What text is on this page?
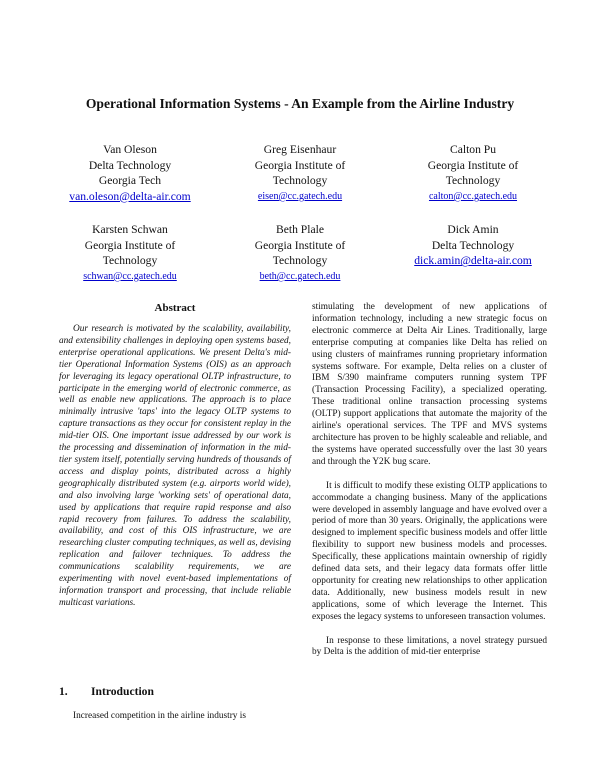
Operational Information Systems - An Example from the Airline Industry
Van Oleson
Delta Technology
Georgia Tech
van.oleson@delta-air.com
Greg Eisenhaur
Georgia Institute of
Technology
eisen@cc.gatech.edu
Calton Pu
Georgia Institute of
Technology
calton@cc.gatech.edu
Karsten Schwan
Georgia Institute of
Technology
schwan@cc.gatech.edu
Beth Plale
Georgia Institute of
Technology
beth@cc.gatech.edu
Dick Amin
Delta Technology
dick.amin@delta-air.com
Abstract
Our research is motivated by the scalability, availability, and extensibility challenges in deploying open systems based, enterprise operational applications. We present Delta's mid-tier Operational Information Systems (OIS) as an approach for leveraging its legacy operational OLTP infrastructure, to participate in the emerging world of electronic commerce, as well as enable new applications. The approach is to place minimally intrusive 'taps' into the legacy OLTP systems to capture transactions as they occur for consistent replay in the mid-tier OIS. One important issue addressed by our work is the processing and dissemination of information in the mid-tier system itself, potentially serving hundreds of thousands of access and display points, distributed across a highly geographically distributed system (e.g. airports world wide), and also involving large 'working sets' of operational data, used by applications that require rapid response and also rapid recovery from failures. To address the scalability, availability, and cost of this OIS infrastructure, we are researching cluster computing techniques, as well as, devising replication and failover techniques. To address the communications scalability requirements, we are experimenting with novel event-based implementations of information transport and processing, that include reliable multicast variations.
1. Introduction
Increased competition in the airline industry is

stimulating the development of new applications of information technology, including a new strategic focus on electronic commerce at Delta Air Lines. Traditionally, large enterprise computing at companies like Delta has relied on using clusters of mainframes running proprietary information systems software. For example, Delta relies on a cluster of IBM S/390 mainframe computers running system TPF (Transaction Processing Facility), a specialized operating. These traditional online transaction processing systems (OLTP) support applications that automate the majority of the airline's operational services. The TPF and MVS systems architecture has proven to be highly scaleable and reliable, and the systems have operated successfully over the last 30 years and through the Y2K bug scare.

It is difficult to modify these existing OLTP applications to accommodate a changing business. Many of the applications were developed in assembly language and have evolved over a period of more than 30 years. Originally, the applications were designed to implement specific business models and offer little flexibility to support new business models and processes. Specifically, these applications maintain ownership of rigidly defined data sets, and their legacy data formats offer little opportunity for creating new relationships to other application data. Additionally, new business models result in new applications, some of which leverage the Internet. This exposes the legacy systems to unforeseen transaction volumes.

In response to these limitations, a novel strategy pursued by Delta is the addition of mid-tier enterprise
